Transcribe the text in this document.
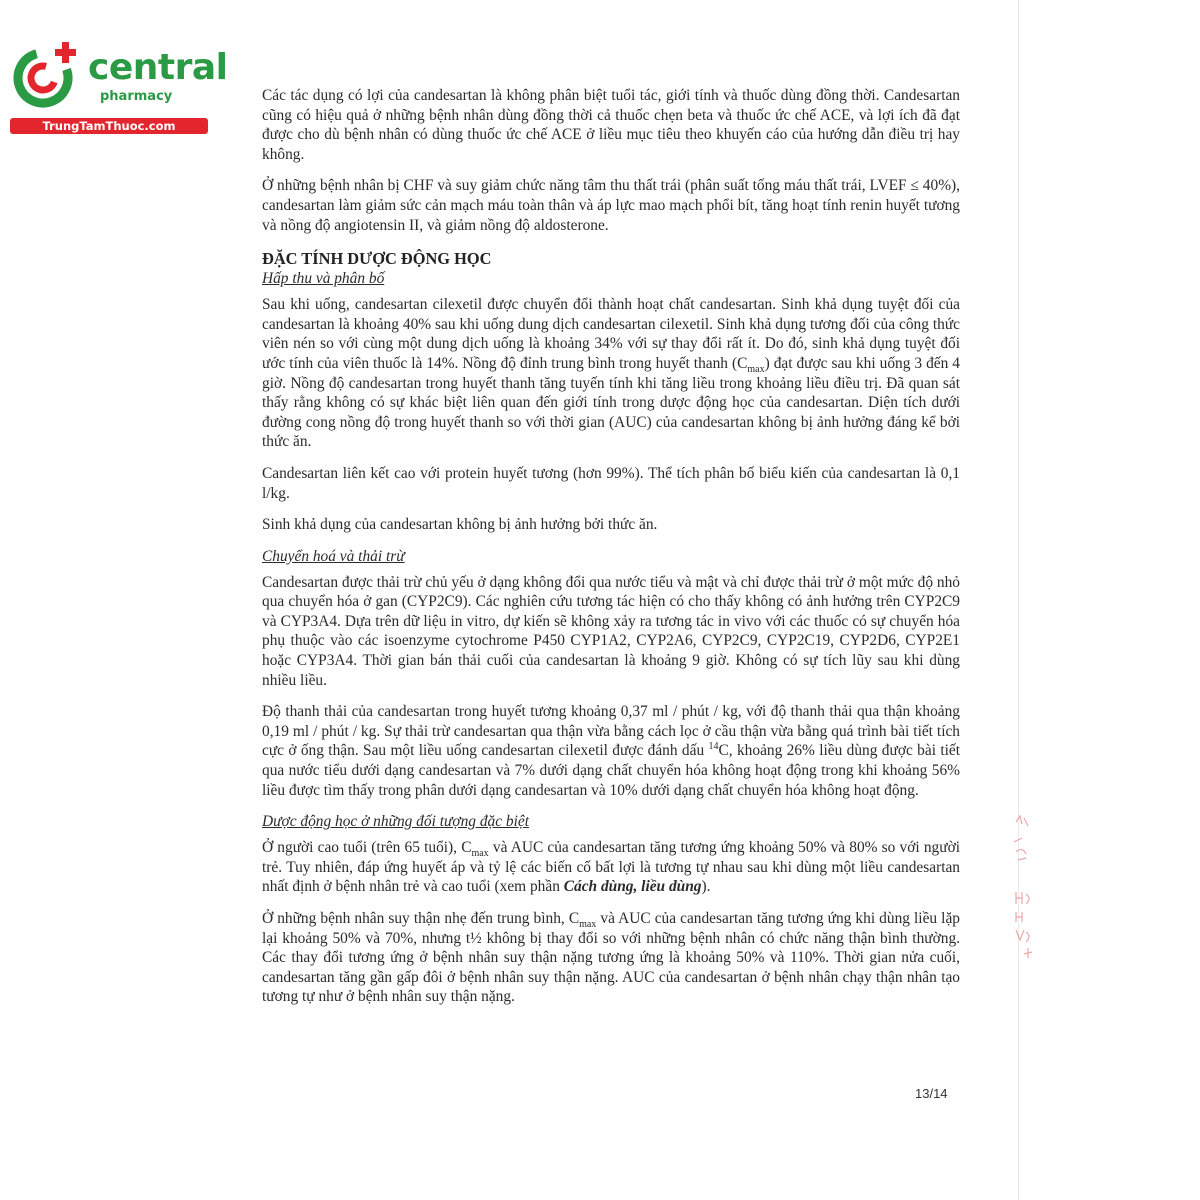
central
pharmacy
TrungTamThuoc.com

Các tác dụng có lợi của candesartan là không phân biệt tuổi tác, giới tính và thuốc dùng đồng thời. Candesartan cũng có hiệu quả ở những bệnh nhân dùng đồng thời cả thuốc chẹn beta và thuốc ức chế ACE, và lợi ích đã đạt được cho dù bệnh nhân có dùng thuốc ức chế ACE ở liều mục tiêu theo khuyến cáo của hướng dẫn điều trị hay không.

Ở những bệnh nhân bị CHF và suy giảm chức năng tâm thu thất trái (phân suất tống máu thất trái, LVEF ≤ 40%), candesartan làm giảm sức cản mạch máu toàn thân và áp lực mao mạch phổi bít, tăng hoạt tính renin huyết tương và nồng độ angiotensin II, và giảm nồng độ aldosterone.

ĐẶC TÍNH DƯỢC ĐỘNG HỌC
Hấp thu và phân bố

Sau khi uống, candesartan cilexetil được chuyển đổi thành hoạt chất candesartan. Sinh khả dụng tuyệt đối của candesartan là khoảng 40% sau khi uống dung dịch candesartan cilexetil. Sinh khả dụng tương đối của công thức viên nén so với cùng một dung dịch uống là khoảng 34% với sự thay đổi rất ít. Do đó, sinh khả dụng tuyệt đối ước tính của viên thuốc là 14%. Nồng độ đỉnh trung bình trong huyết thanh $(C_{max})$ đạt được sau khi uống 3 đến 4 giờ. Nồng độ candesartan trong huyết thanh tăng tuyến tính khi tăng liều trong khoảng liều điều trị. Đã quan sát thấy rằng không có sự khác biệt liên quan đến giới tính trong dược động học của candesartan. Diện tích dưới đường cong nồng độ trong huyết thanh so với thời gian (AUC) của candesartan không bị ảnh hưởng đáng kể bởi thức ăn.

Candesartan liên kết cao với protein huyết tương (hơn 99%). Thể tích phân bố biểu kiến của candesartan là 0,1 l/kg.

Sinh khả dụng của candesartan không bị ảnh hưởng bởi thức ăn.

Chuyển hoá và thải trừ

Candesartan được thải trừ chủ yếu ở dạng không đổi qua nước tiểu và mật và chỉ được thải trừ ở một mức độ nhỏ qua chuyển hóa ở gan (CYP2C9). Các nghiên cứu tương tác hiện có cho thấy không có ảnh hưởng trên CYP2C9 và CYP3A4. Dựa trên dữ liệu in vitro, dự kiến sẽ không xảy ra tương tác in vivo với các thuốc có sự chuyển hóa phụ thuộc vào các isoenzyme cytochrome P450 CYP1A2, CYP2A6, CYP2C9, CYP2C19, CYP2D6, CYP2E1 hoặc CYP3A4. Thời gian bán thải cuối của candesartan là khoảng 9 giờ. Không có sự tích lũy sau khi dùng nhiều liều.

Độ thanh thải của candesartan trong huyết tương khoảng 0,37 ml / phút / kg, với độ thanh thải qua thận khoảng 0,19 ml / phút / kg. Sự thải trừ candesartan qua thận vừa bằng cách lọc ở cầu thận vừa bằng quá trình bài tiết tích cực ở ống thận. Sau một liều uống candesartan cilexetil được đánh dấu $^{14}$C, khoảng 26% liều dùng được bài tiết qua nước tiểu dưới dạng candesartan và 7% dưới dạng chất chuyển hóa không hoạt động trong khi khoảng 56% liều được tìm thấy trong phân dưới dạng candesartan và 10% dưới dạng chất chuyển hóa không hoạt động.

Dược động học ở những đối tượng đặc biệt

Ở người cao tuổi (trên 65 tuổi), $C_{max}$ và AUC của candesartan tăng tương ứng khoảng 50% và 80% so với người trẻ. Tuy nhiên, đáp ứng huyết áp và tỷ lệ các biến cố bất lợi là tương tự nhau sau khi dùng một liều candesartan nhất định ở bệnh nhân trẻ và cao tuổi (xem phần Cách dùng, liều dùng).

Ở những bệnh nhân suy thận nhẹ đến trung bình, $C_{max}$ và AUC của candesartan tăng tương ứng khi dùng liều lặp lại khoảng 50% và 70%, nhưng t½ không bị thay đổi so với những bệnh nhân có chức năng thận bình thường. Các thay đổi tương ứng ở bệnh nhân suy thận nặng tương ứng là khoảng 50% và 110%. Thời gian nửa cuối, candesartan tăng gần gấp đôi ở bệnh nhân suy thận nặng. AUC của candesartan ở bệnh nhân chạy thận nhân tạo tương tự như ở bệnh nhân suy thận nặng.

13/14
